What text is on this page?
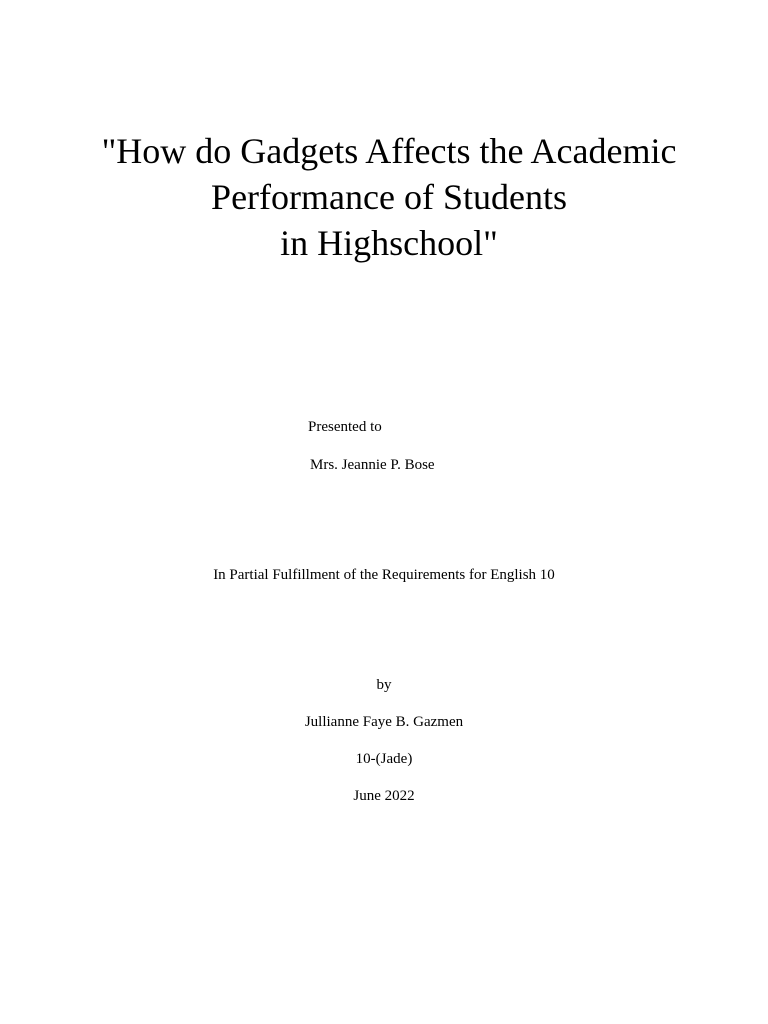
"How do Gadgets Affects the Academic
Performance of Students
in Highschool"
Presented to
Mrs. Jeannie P. Bose
In Partial Fulfillment of the Requirements for English 10
by
Jullianne Faye B. Gazmen
10-(Jade)
June 2022
